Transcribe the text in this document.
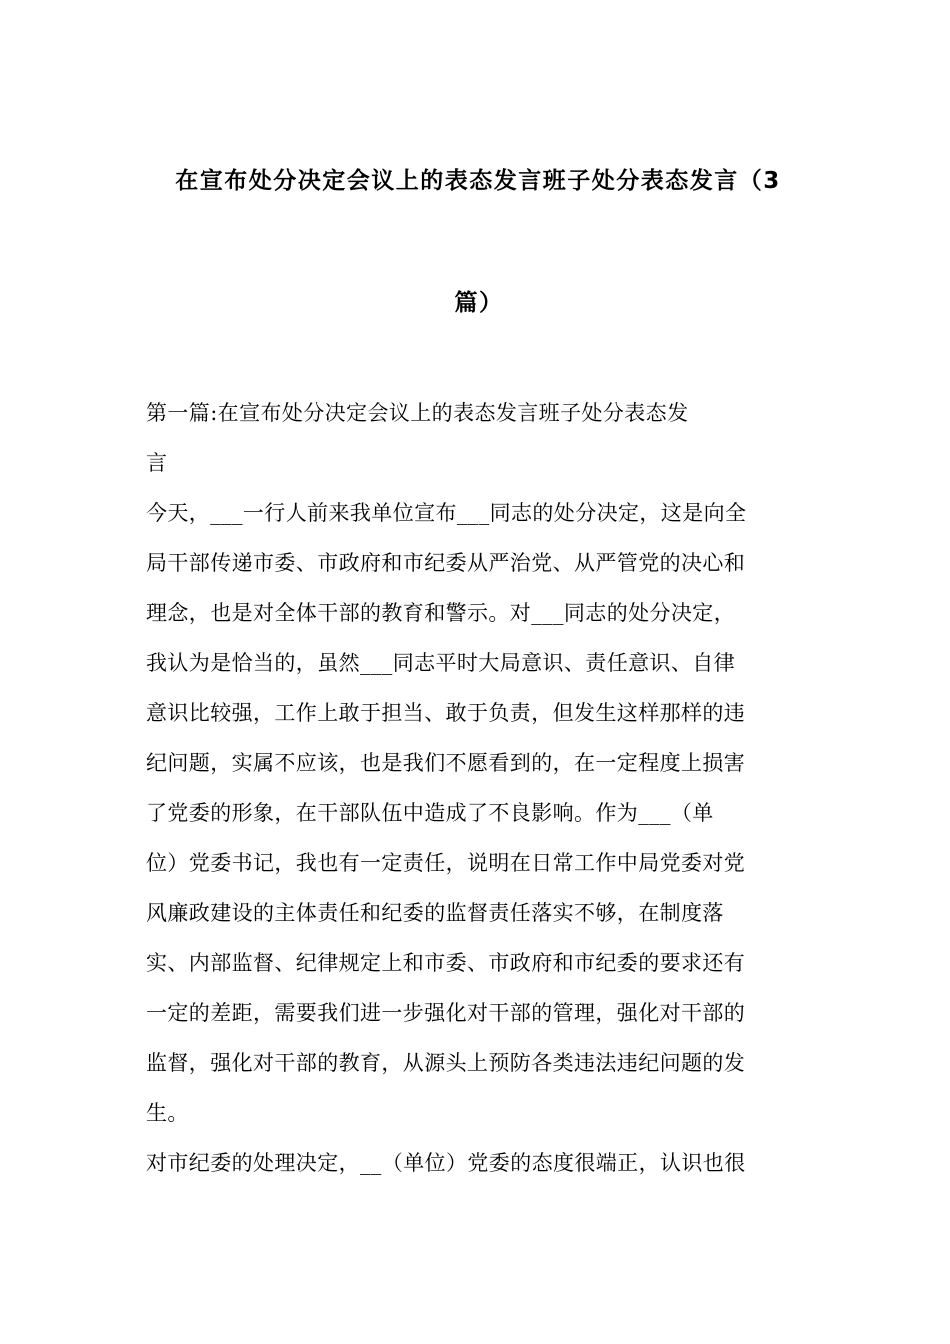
在宣布处分决定会议上的表态发言班子处分表态发言（3
篇）
第一篇:在宣布处分决定会议上的表态发言班子处分表态发
言
今天，___一行人前来我单位宣布___同志的处分决定，这是向全
局干部传递市委、市政府和市纪委从严治党、从严管党的决心和
理念，也是对全体干部的教育和警示。对___同志的处分决定，
我认为是恰当的，虽然___同志平时大局意识、责任意识、自律
意识比较强，工作上敢于担当、敢于负责，但发生这样那样的违
纪问题，实属不应该，也是我们不愿看到的，在一定程度上损害
了党委的形象，在干部队伍中造成了不良影响。作为___（单
位）党委书记，我也有一定责任，说明在日常工作中局党委对党
风廉政建设的主体责任和纪委的监督责任落实不够，在制度落
实、内部监督、纪律规定上和市委、市政府和市纪委的要求还有
一定的差距，需要我们进一步强化对干部的管理，强化对干部的
监督，强化对干部的教育，从源头上预防各类违法违纪问题的发
生。
对市纪委的处理决定，__（单位）党委的态度很端正，认识也很
